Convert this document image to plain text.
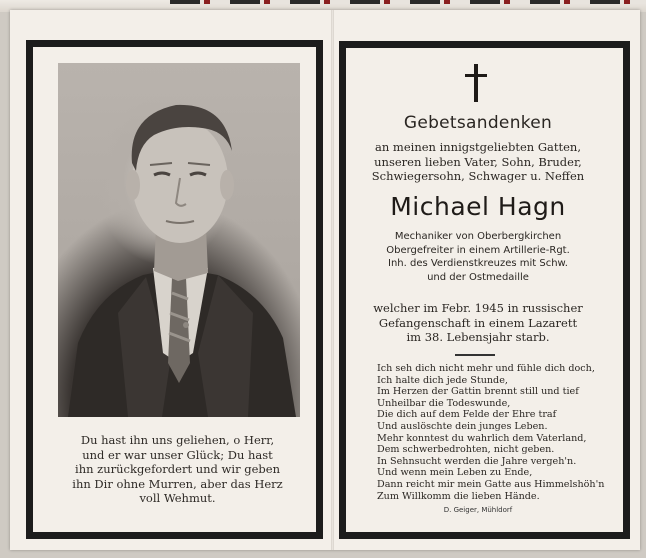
Du hast ihn uns geliehen, o Herr,
und er war unser Glück; Du hast
ihn zurückgefordert und wir geben
ihn Dir ohne Murren, aber das Herz
voll Wehmut.
Gebetsandenken
an meinen innigstgeliebten Gatten,
unseren lieben Vater, Sohn, Bruder,
Schwiegersohn, Schwager u. Neffen
Michael Hagn
Mechaniker von Oberbergkirchen
Obergefreiter in einem Artillerie-Rgt.
Inh. des Verdienstkreuzes mit Schw.
und der Ostmedaille
welcher im Febr. 1945 in russischer
Gefangenschaft in einem Lazarett
im 38. Lebensjahr starb.
Ich seh dich nicht mehr und fühle dich doch,
Ich halte dich jede Stunde,
Im Herzen der Gattin brennt still und tief
Unheilbar die Todeswunde,
Die dich auf dem Felde der Ehre traf
Und auslöschte dein junges Leben.
Mehr konntest du wahrlich dem Vaterland,
Dem schwerbedrohten, nicht geben.
In Sehnsucht werden die Jahre vergeh'n.
Und wenn mein Leben zu Ende,
Dann reicht mir mein Gatte aus Himmelshöh'n
Zum Willkomm die lieben Hände.
D. Geiger, Mühldorf
